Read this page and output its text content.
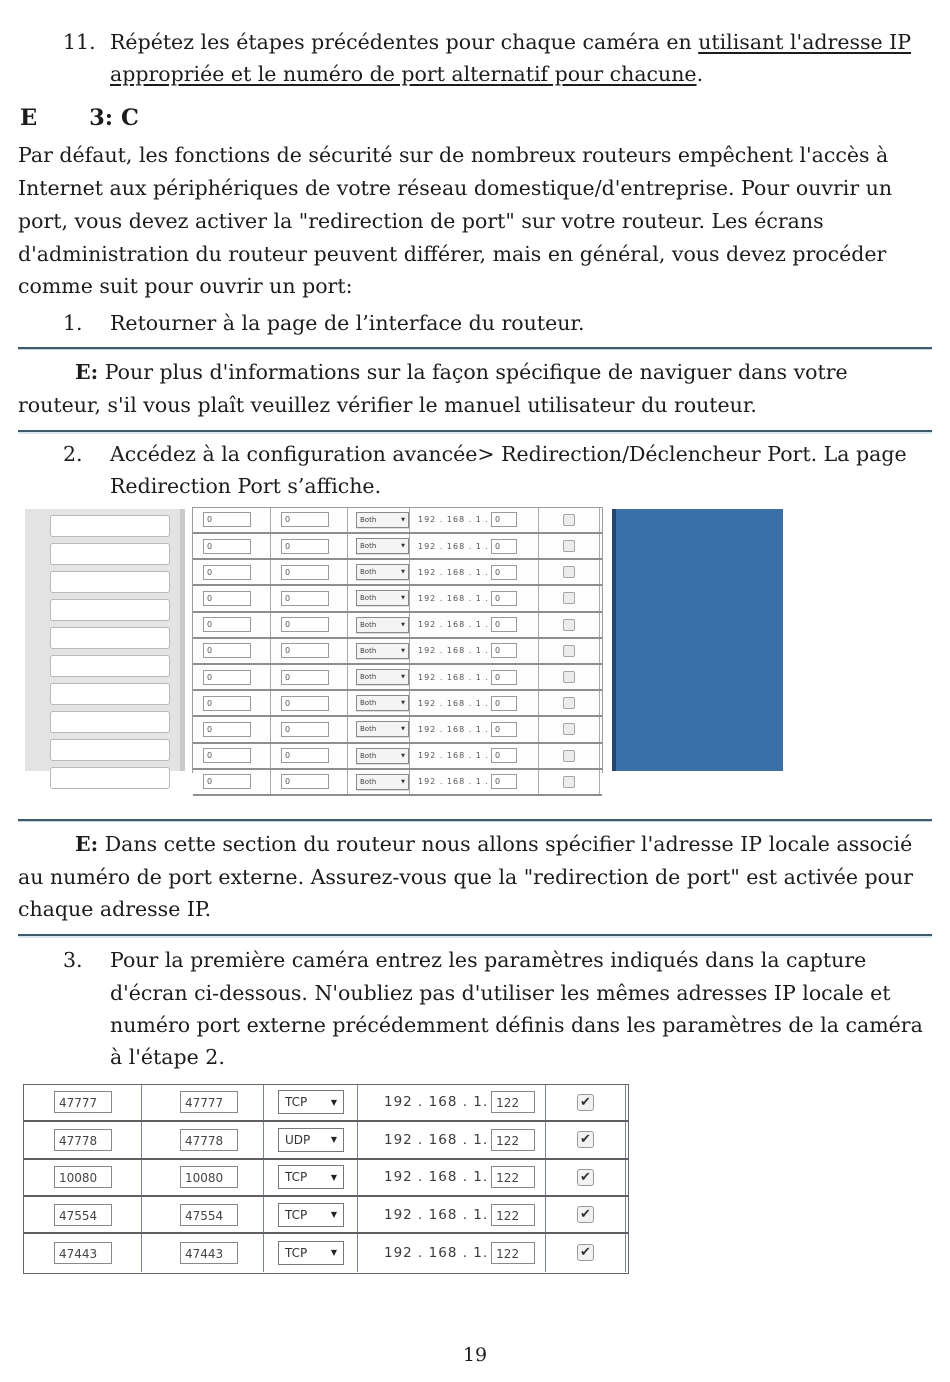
11. Répétez les étapes précédentes pour chaque caméra en utilisant l'adresse IP appropriée et le numéro de port alternatif pour chacune.
E 3: C

Par défaut, les fonctions de sécurité sur de nombreux routeurs empêchent l'accès à Internet aux périphériques de votre réseau domestique/d'entreprise. Pour ouvrir un port, vous devez activer la "redirection de port" sur votre routeur. Les écrans d'administration du routeur peuvent différer, mais en général, vous devez procéder comme suit pour ouvrir un port:

1.	Retourner à la page de l’interface du routeur.

E: Pour plus d'informations sur la façon spécifique de naviguer dans votre routeur, s'il vous plaît veuillez vérifier le manuel utilisateur du routeur.

2.	Accédez à la configuration avancée> Redirection/Déclencheur Port. La page Redirection Port s’affiche.
0	0	Both	▼ 192 . 168 . 1 . 0
0	0	Both	▼ 192 . 168 . 1 . 0
0	0	Both	▼ 192 . 168 . 1 . 0
0	0	Both	▼ 192 . 168 . 1 . 0
0	0	Both	▼ 192 . 168 . 1 . 0
0	0	Both	▼ 192 . 168 . 1 . 0
0	0	Both	▼ 192 . 168 . 1 . 0
0	0	Both	▼ 192 . 168 . 1 . 0
0	0	Both	▼ 192 . 168 . 1 . 0
0	0	Both	▼ 192 . 168 . 1 . 0
0	0	Both	▼ 192 . 168 . 1 . 0

E: Dans cette section du routeur nous allons spécifier l'adresse IP locale associé au numéro de port externe. Assurez-vous que la "redirection de port" est activée pour chaque adresse IP.

3.	Pour la première caméra entrez les paramètres indiqués dans la capture d'écran ci-dessous. N'oubliez pas d'utiliser les mêmes adresses IP locale et numéro port externe précédemment définis dans les paramètres de la caméra à l'étape 2.
47777	47777	TCP	▼	192 . 168 . 1. 122	✔
47778	47778	UDP	▼	192 . 168 . 1. 122	✔
10080	10080	TCP	▼	192 . 168 . 1. 122	✔
47554	47554	TCP	▼	192 . 168 . 1. 122	✔
47443	47443	TCP	▼	192 . 168 . 1. 122	✔
19
